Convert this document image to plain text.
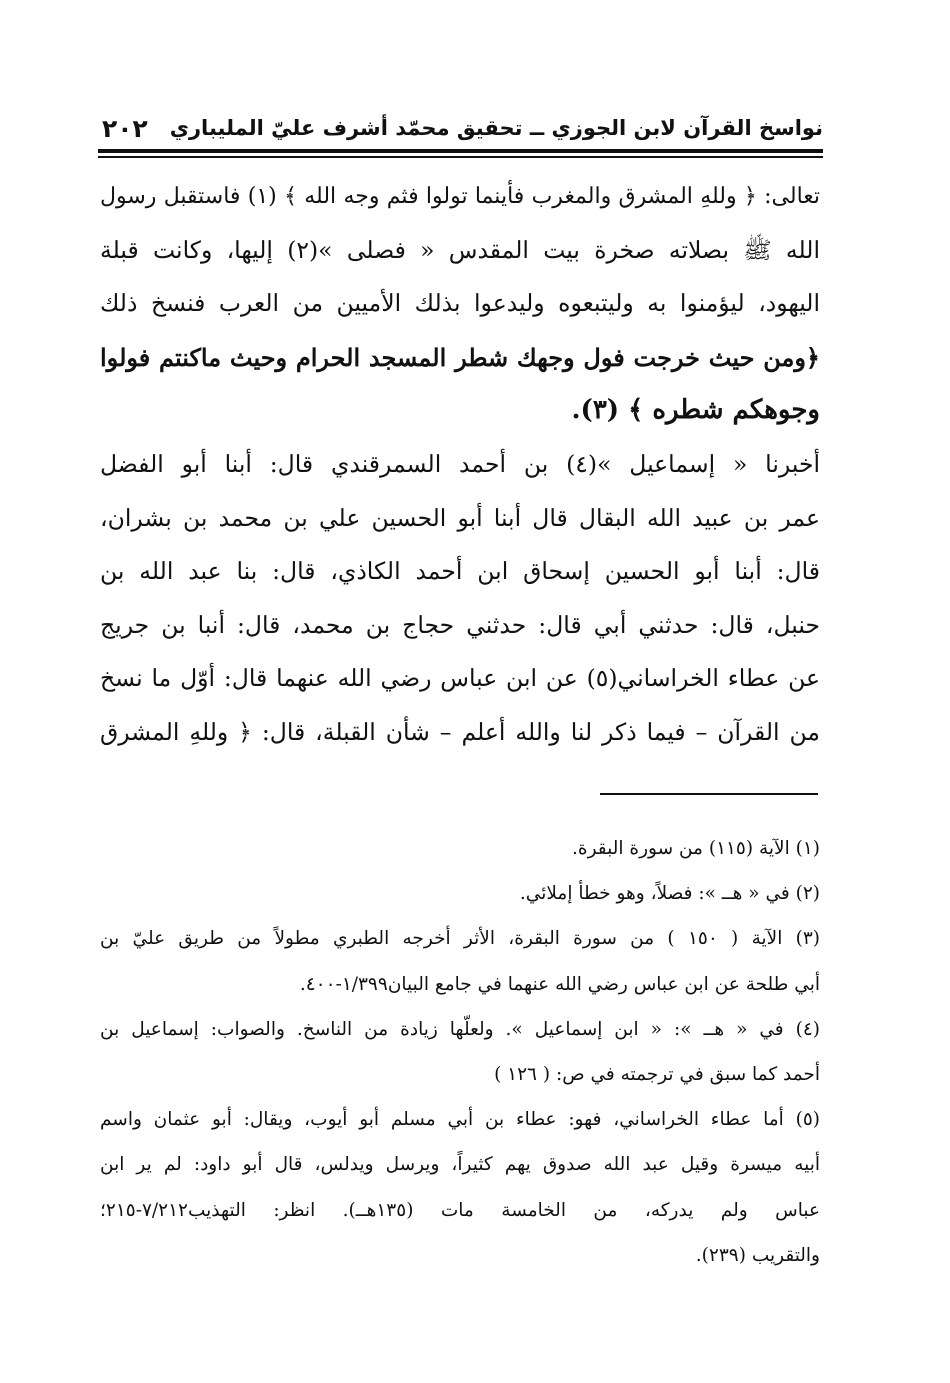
نواسخ القرآن لابن الجوزي ــ تحقيق محمّد أشرف عليّ المليباري
٢٠٢
تعالى: ﴿ وللهِ المشرق والمغرب فأينما تولوا فثم وجه الله ﴾ (١) فاستقبل رسول
الله ﷺ بصلاته صخرة بيت المقدس « فصلى »(٢) إليها، وكانت قبلة
اليهود، ليؤمنوا به وليتبعوه وليدعوا بذلك الأميين من العرب فنسخ ذلك
﴿ومن حيث خرجت فول وجهك شطر المسجد الحرام وحيث ماكنتم فولوا
وجوهكم شطره ﴾ (٣).
أخبرنا « إسماعيل »(٤) بن أحمد السمرقندي قال: أبنا أبو الفضل
عمر بن عبيد الله البقال قال أبنا أبو الحسين علي بن محمد بن بشران،
قال: أبنا أبو الحسين إسحاق ابن أحمد الكاذي، قال: بنا عبد الله بن
حنبل، قال: حدثني أبي قال: حدثني حجاج بن محمد، قال: أنبا بن جريج
عن عطاء الخراساني(٥) عن ابن عباس رضي الله عنهما قال: أوّل ما نسخ
من القرآن – فيما ذكر لنا والله أعلم – شأن القبلة، قال: ﴿ وللهِ المشرق
(١) الآية (١١٥) من سورة البقرة.
(٢) في « هــ »: فصلاً، وهو خطأ إملائي.
(٣) الآية ( ١٥٠ ) من سورة البقرة، الأثر أخرجه الطبري مطولاً من طريق عليّ بن
أبي طلحة عن ابن عباس رضي الله عنهما في جامع البيان١/٣٩٩-٤٠٠.
(٤) في « هــ »: « ابن إسماعيل ». ولعلّها زيادة من الناسخ. والصواب: إسماعيل بن
أحمد كما سبق في ترجمته في ص: ( ١٢٦ )
(٥) أما عطاء الخراساني، فهو: عطاء بن أبي مسلم أبو أيوب، ويقال: أبو عثمان واسم
أبيه ميسرة وقيل عبد الله صدوق يهم كثيراً، ويرسل ويدلس، قال أبو داود: لم ير ابن
عباس ولم يدركه، من الخامسة مات (١٣٥هــ). انظر: التهذيب٧/٢١٢-٢١٥؛
والتقريب (٢٣٩).
